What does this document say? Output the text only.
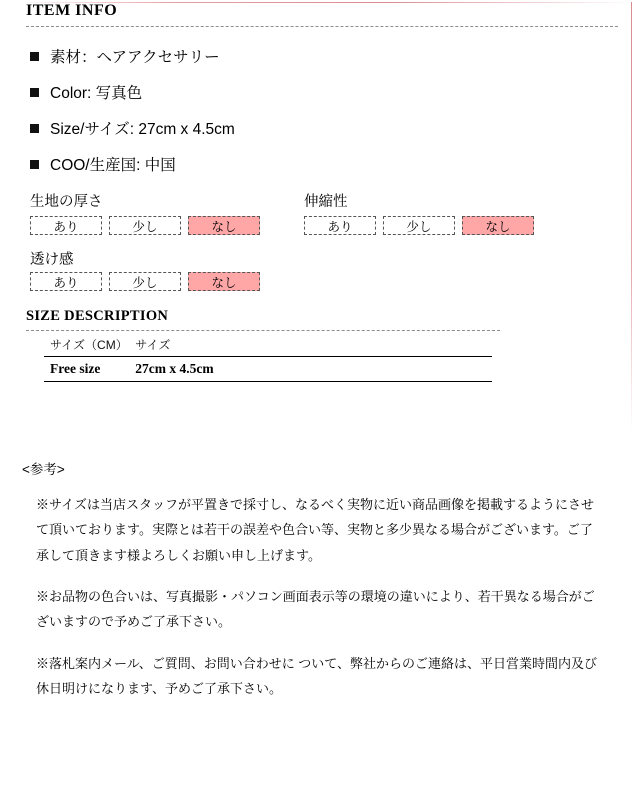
ITEM INFO
素材：ヘアアクセサリー
Color: 写真色
Size/サイズ: 27cm x 4.5cm
COO/生産国: 中国
生地の厚さ
あり	少し	なし
伸縮性
あり	少し	なし
透け感
あり	少し	なし
SIZE DESCRIPTION
サイズ（CM）	サイズ
Free size	27cm x 4.5cm
<参考>

※サイズは当店スタッフが平置きで採寸し、なるべく実物に近い商品画像を掲載するようにさせて頂いております。実際とは若干の誤差や色合い等、実物と多少異なる場合がございます。ご了承して頂きます様よろしくお願い申し上げます。

※お品物の色合いは、写真撮影・パソコン画面表示等の環境の違いにより、若干異なる場合がございますので予めご了承下さい。

※落札案内メール、ご質問、お問い合わせに ついて、弊社からのご連絡は、平日営業時間内及び休日明けになります、予めご了承下さい。
